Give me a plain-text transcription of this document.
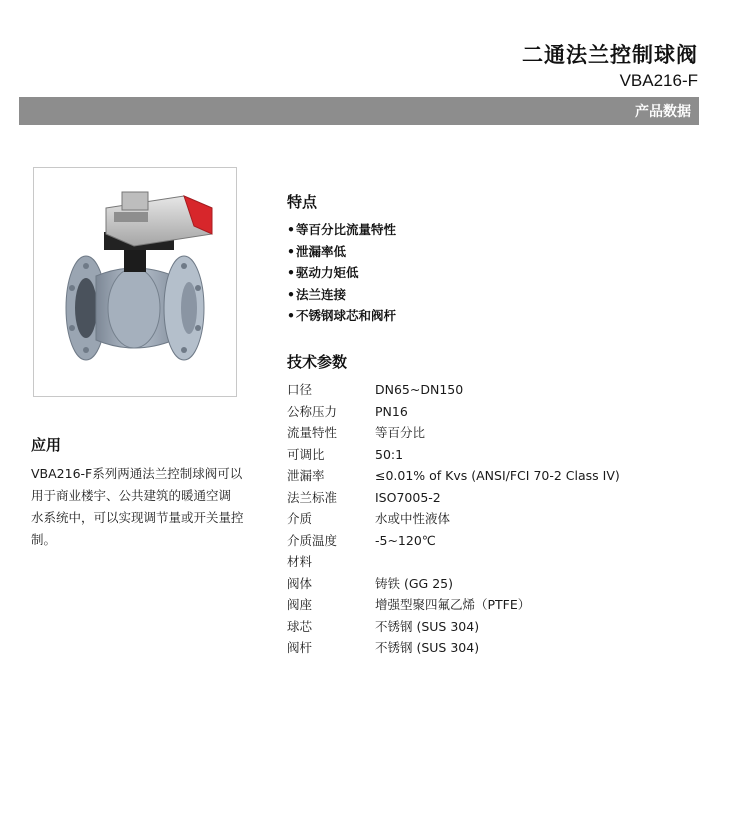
二通法兰控制球阀
VBA216-F
产品数据
应用
VBA216-F系列两通法兰控制球阀可以
用于商业楼宇、公共建筑的暖通空调
水系统中，可以实现调节量或开关量控
制。
特点
•等百分比流量特性
•泄漏率低
•驱动力矩低
•法兰连接
•不锈钢球芯和阀杆
技术参数
口径	DN65~DN150
公称压力	PN16
流量特性	等百分比
可调比	50:1
泄漏率	≤0.01% of Kvs (ANSI/FCI 70-2 Class IV)
法兰标准	ISO7005-2
介质	水或中性液体
介质温度	-5~120℃
材料
阀体	铸铁 (GG 25)
阀座	增强型聚四氟乙烯（PTFE）
球芯	不锈钢 (SUS 304)
阀杆	不锈钢 (SUS 304)
